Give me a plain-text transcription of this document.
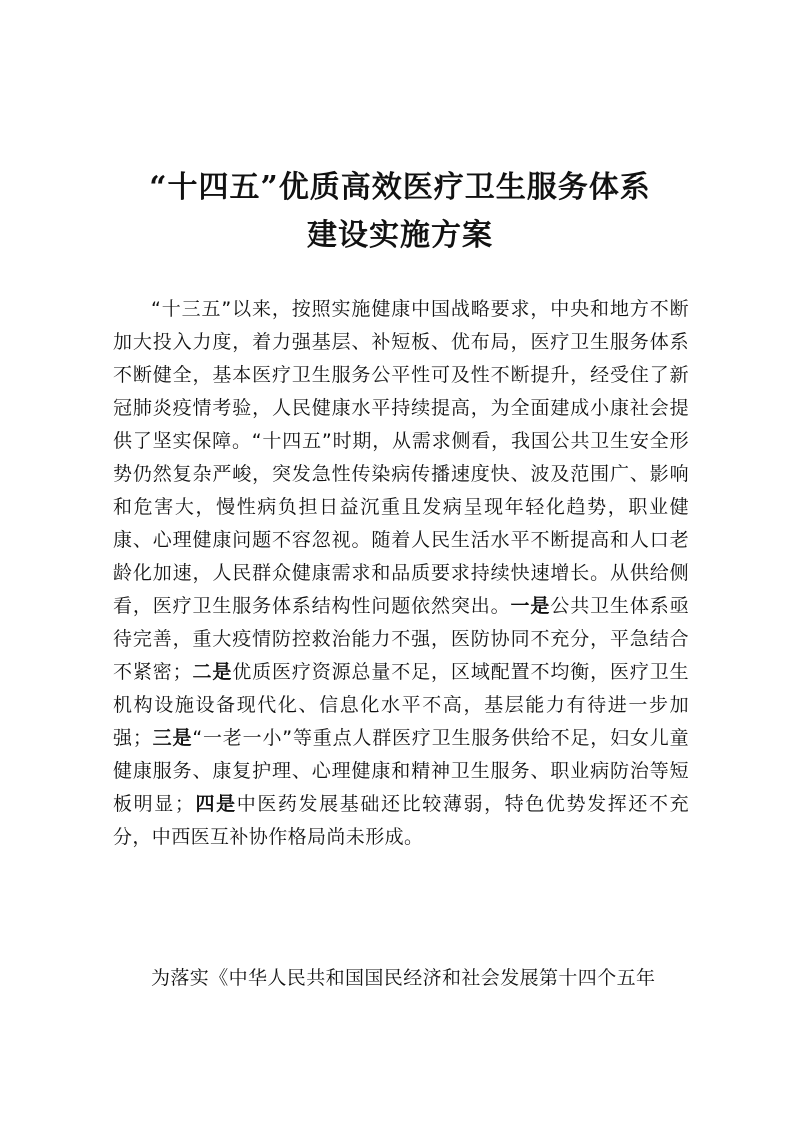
“十四五”优质高效医疗卫生服务体系
建设实施方案

“十三五”以来，按照实施健康中国战略要求，中央和地方不断加大投入力度，着力强基层、补短板、优布局，医疗卫生服务体系不断健全，基本医疗卫生服务公平性可及性不断提升，经受住了新冠肺炎疫情考验，人民健康水平持续提高，为全面建成小康社会提供了坚实保障。“十四五”时期，从需求侧看，我国公共卫生安全形势仍然复杂严峻，突发急性传染病传播速度快、波及范围广、影响和危害大，慢性病负担日益沉重且发病呈现年轻化趋势，职业健康、心理健康问题不容忽视。随着人民生活水平不断提高和人口老龄化加速，人民群众健康需求和品质要求持续快速增长。从供给侧看，医疗卫生服务体系结构性问题依然突出。一是公共卫生体系亟待完善，重大疫情防控救治能力不强，医防协同不充分，平急结合不紧密；二是优质医疗资源总量不足，区域配置不均衡，医疗卫生机构设施设备现代化、信息化水平不高，基层能力有待进一步加强；三是“一老一小”等重点人群医疗卫生服务供给不足，妇女儿童健康服务、康复护理、心理健康和精神卫生服务、职业病防治等短板明显；四是中医药发展基础还比较薄弱，特色优势发挥还不充分，中西医互补协作格局尚未形成。

为落实《中华人民共和国国民经济和社会发展第十四个五年
